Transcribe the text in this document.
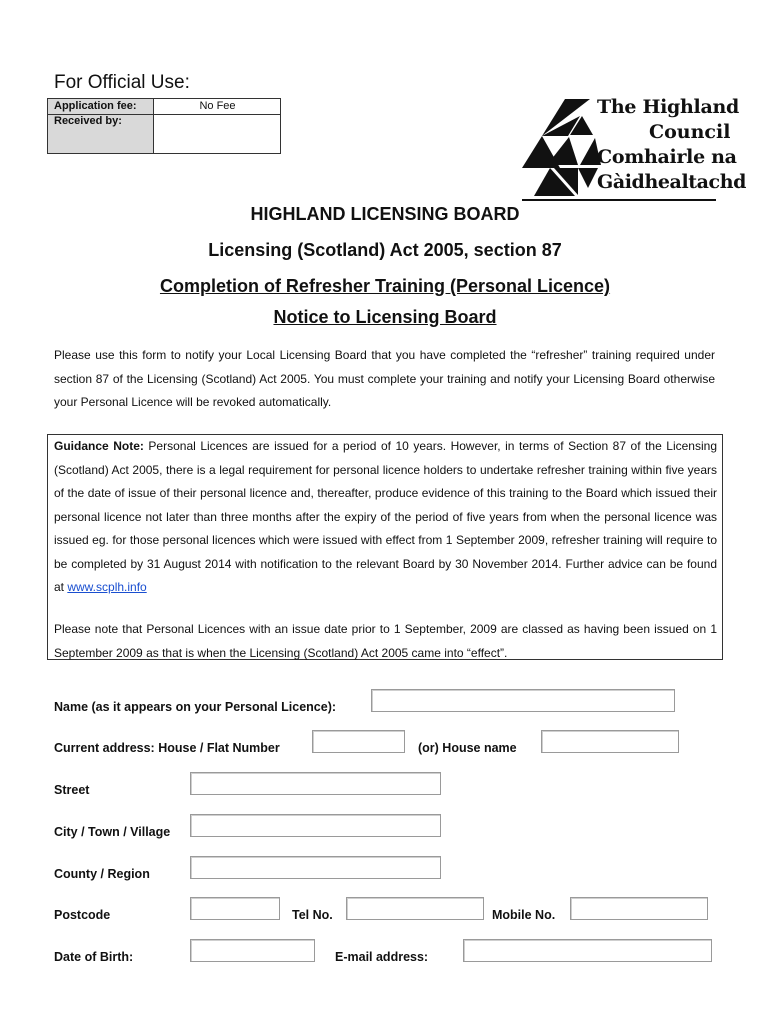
For Official Use:
Application fee:	No Fee
Received by:
The Highland
Council
Comhairle na
Gàidhealtachd
HIGHLAND LICENSING BOARD
Licensing (Scotland) Act 2005, section 87
Completion of Refresher Training (Personal Licence)
Notice to Licensing Board
Please use this form to notify your Local Licensing Board that you have completed the “refresher” training required under section 87 of the Licensing (Scotland) Act 2005. You must complete your training and notify your Licensing Board otherwise your Personal Licence will be revoked automatically.
Guidance Note: Personal Licences are issued for a period of 10 years. However, in terms of Section 87 of the Licensing (Scotland) Act 2005, there is a legal requirement for personal licence holders to undertake refresher training within five years of the date of issue of their personal licence and, thereafter, produce evidence of this training to the Board which issued their personal licence not later than three months after the expiry of the period of five years from when the personal licence was issued eg. for those personal licences which were issued with effect from 1 September 2009, refresher training will require to be completed by 31 August 2014 with notification to the relevant Board by 30 November 2014. Further advice can be found at www.scplh.info
Please note that Personal Licences with an issue date prior to 1 September, 2009 are classed as having been issued on 1 September 2009 as that is when the Licensing (Scotland) Act 2005 came into “effect”.
Name (as it appears on your Personal Licence):
Current address: House / Flat Number	(or) House name
Street
City / Town / Village
County / Region
Postcode	Tel No.	Mobile No.
Date of Birth:	E-mail address:
